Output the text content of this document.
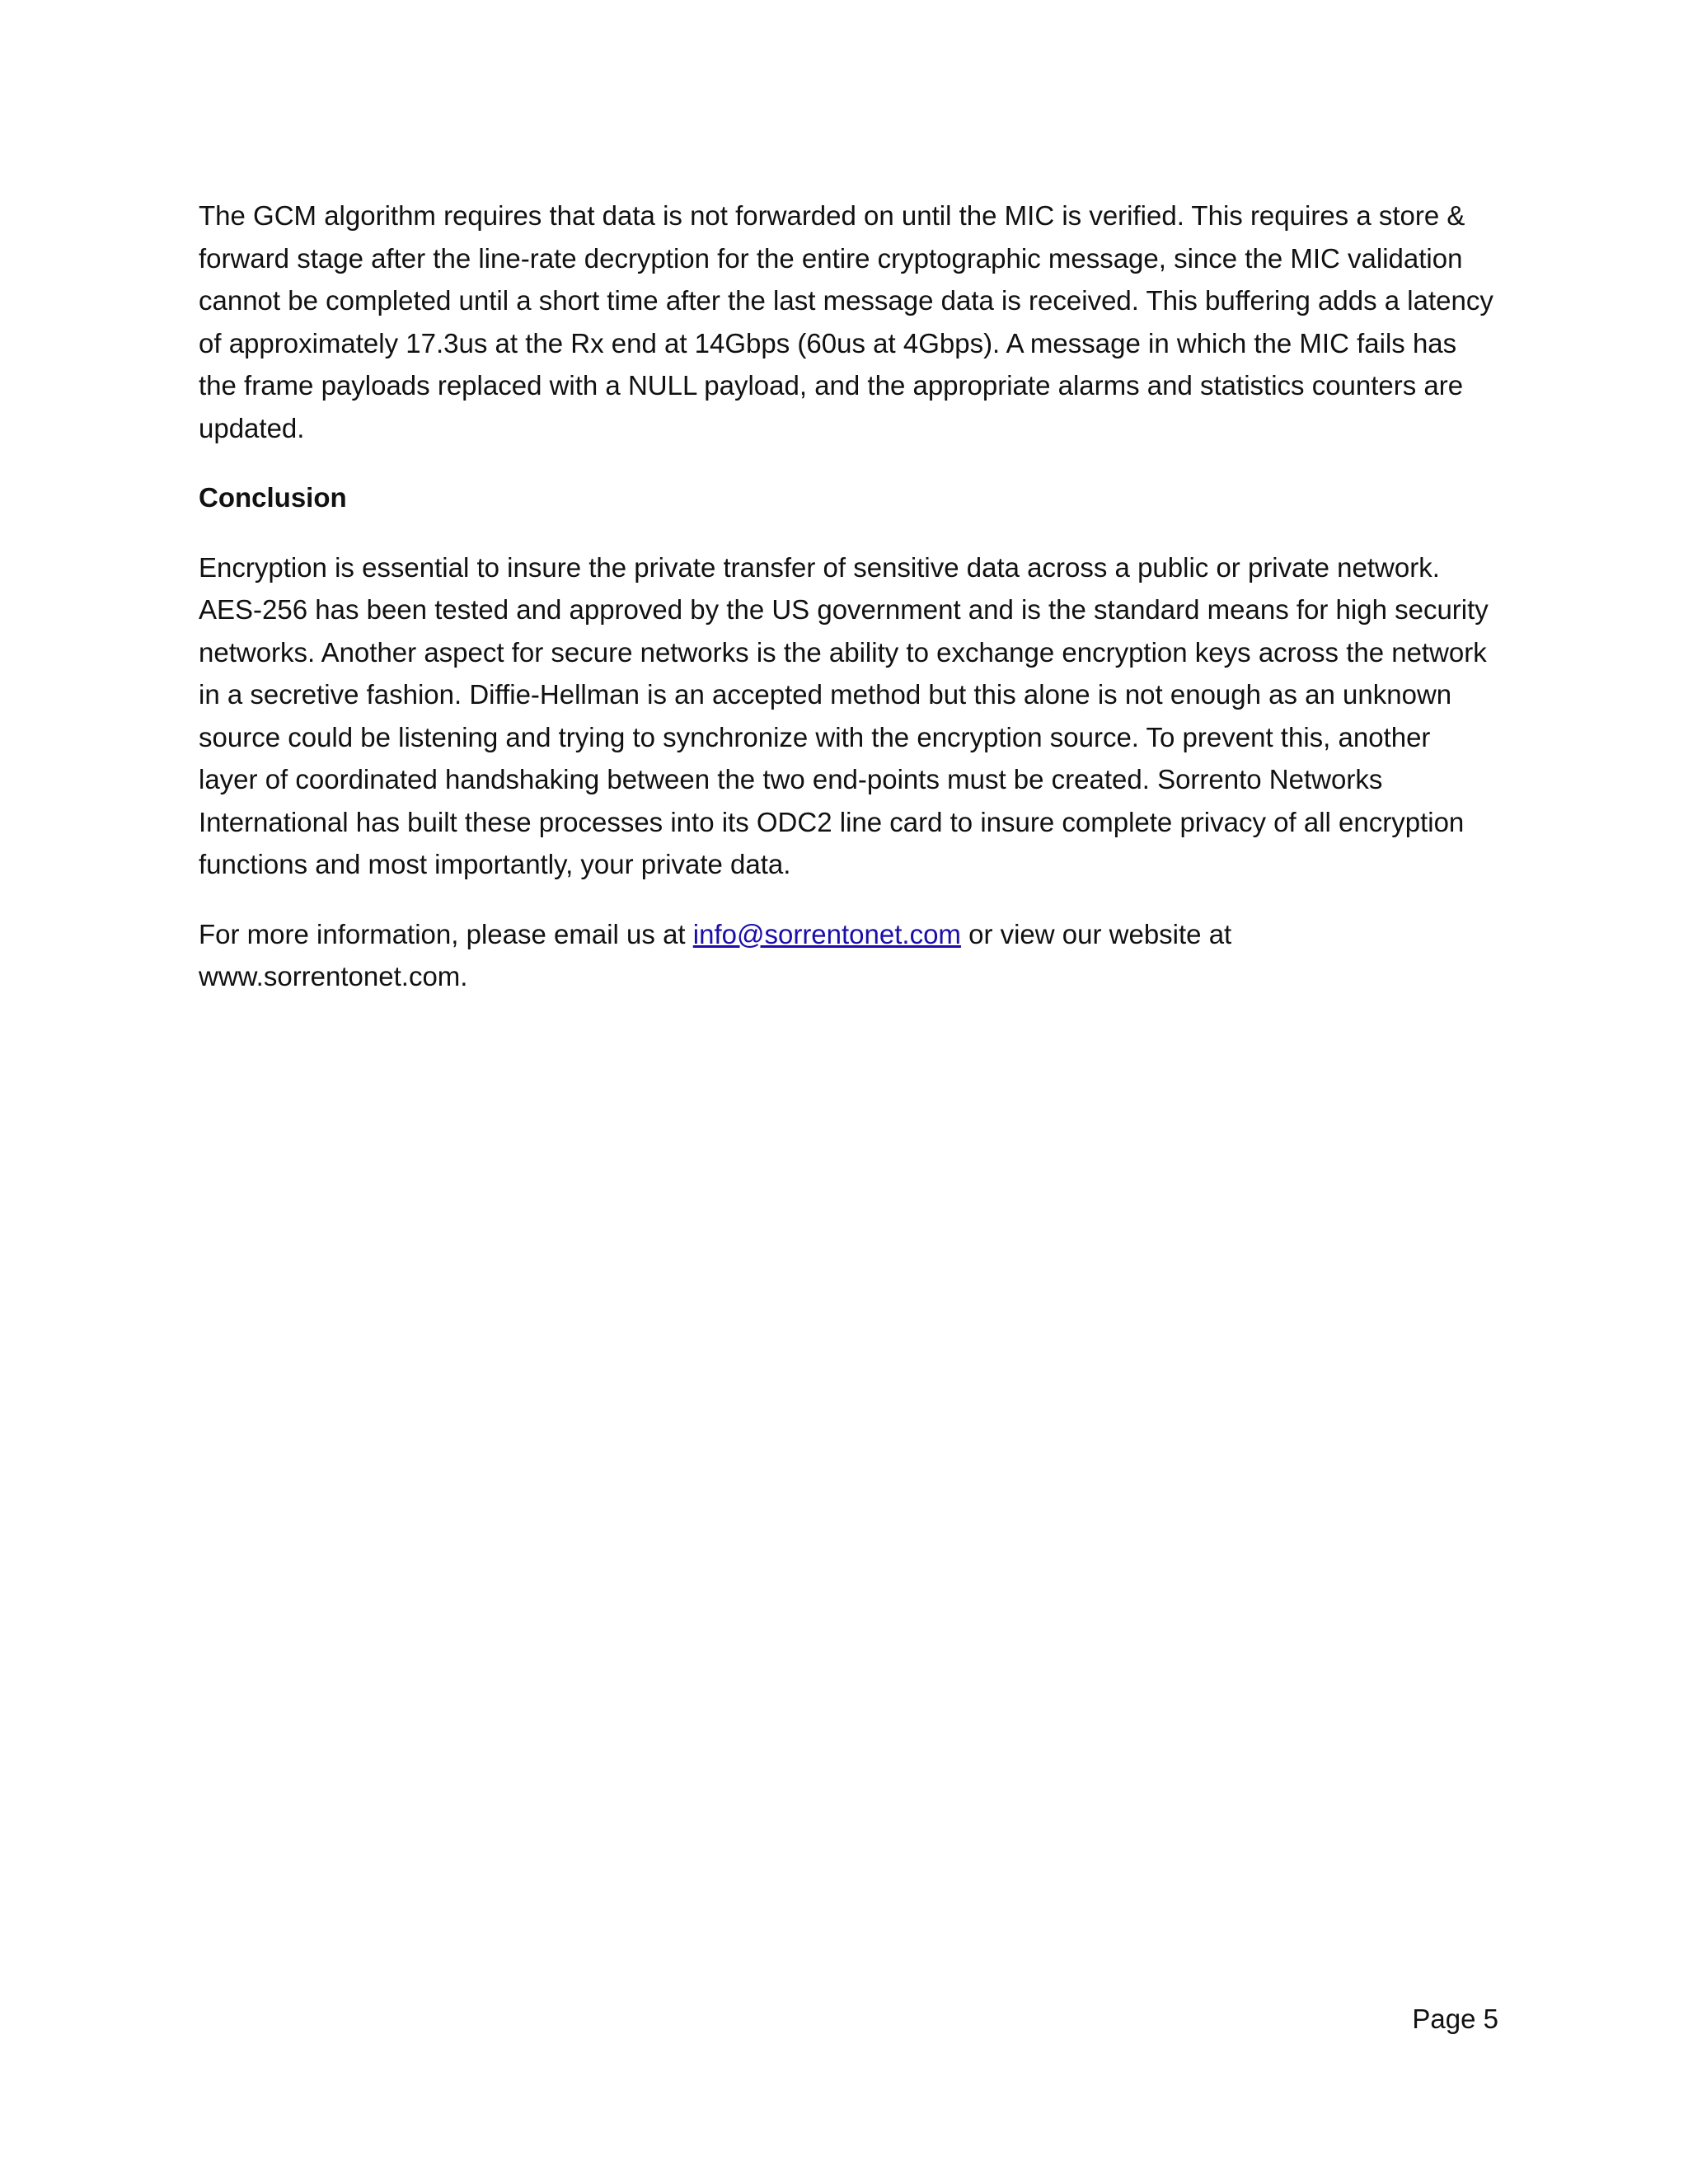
The GCM algorithm requires that data is not forwarded on until the MIC is verified. This requires a store & forward stage after the line-rate decryption for the entire cryptographic message, since the MIC validation cannot be completed until a short time after the last message data is received. This buffering adds a latency of approximately 17.3us at the Rx end at 14Gbps (60us at 4Gbps). A message in which the MIC fails has the frame payloads replaced with a NULL payload, and the appropriate alarms and statistics counters are updated.

Conclusion

Encryption is essential to insure the private transfer of sensitive data across a public or private network. AES-256 has been tested and approved by the US government and is the standard means for high security networks. Another aspect for secure networks is the ability to exchange encryption keys across the network in a secretive fashion. Diffie-Hellman is an accepted method but this alone is not enough as an unknown source could be listening and trying to synchronize with the encryption source. To prevent this, another layer of coordinated handshaking between the two end-points must be created. Sorrento Networks International has built these processes into its ODC2 line card to insure complete privacy of all encryption functions and most importantly, your private data.

For more information, please email us at info@sorrentonet.com or view our website at
www.sorrentonet.com.

Page 5
